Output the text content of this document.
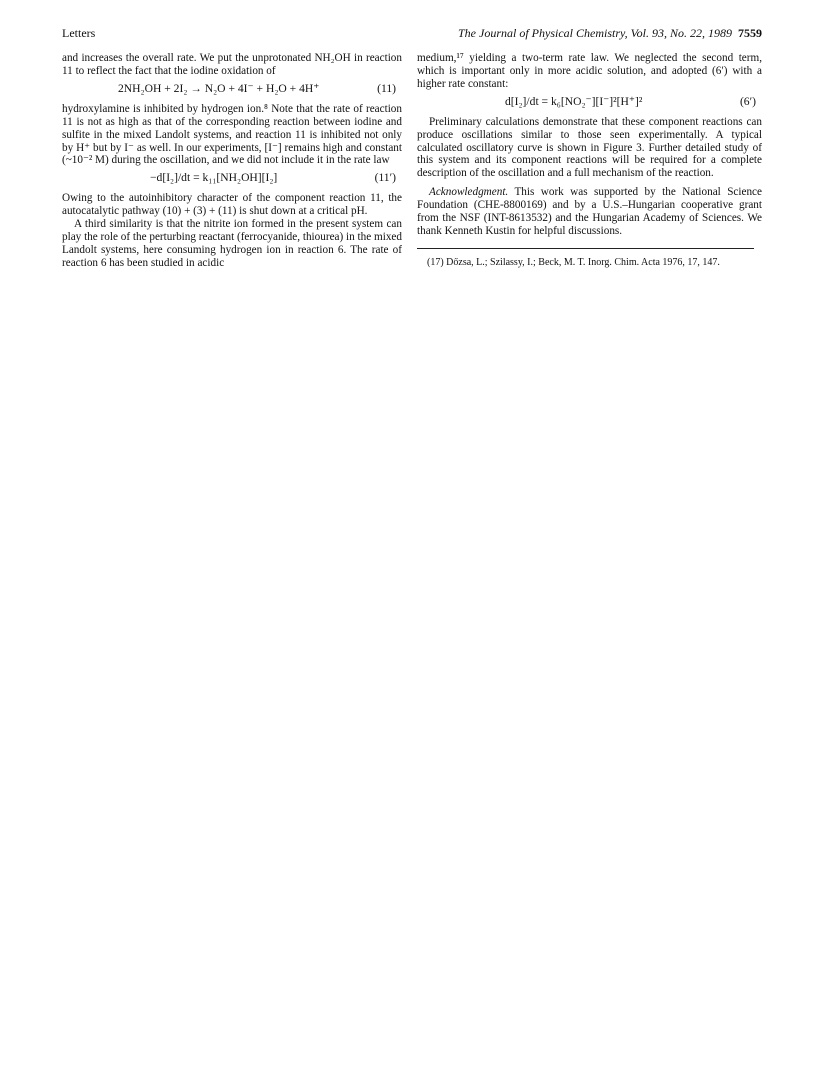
Letters	The Journal of Physical Chemistry, Vol. 93, No. 22, 1989 7559

and increases the overall rate. We put the unprotonated NH₂OH in reaction 11 to reflect the fact that the iodine oxidation of

2NH₂OH + 2I₂ → N₂O + 4I⁻ + H₂O + 4H⁺	(11)

hydroxylamine is inhibited by hydrogen ion.⁸ Note that the rate of reaction 11 is not as high as that of the corresponding reaction between iodine and sulfite in the mixed Landolt systems, and reaction 11 is inhibited not only by H⁺ but by I⁻ as well. In our experiments, [I⁻] remains high and constant (~10⁻² M) during the oscillation, and we did not include it in the rate law

−d[I₂]/dt = k₁₁[NH₂OH][I₂]	(11′)

Owing to the autoinhibitory character of the component reaction 11, the autocatalytic pathway (10) + (3) + (11) is shut down at a critical pH.

A third similarity is that the nitrite ion formed in the present system can play the role of the perturbing reactant (ferrocyanide, thiourea) in the mixed Landolt systems, here consuming hydrogen ion in reaction 6. The rate of reaction 6 has been studied in acidic

medium,¹⁷ yielding a two-term rate law. We neglected the second term, which is important only in more acidic solution, and adopted (6′) with a higher rate constant:

d[I₂]/dt = k₆[NO₂⁻][I⁻]²[H⁺]²	(6′)

Preliminary calculations demonstrate that these component reactions can produce oscillations similar to those seen experimentally. A typical calculated oscillatory curve is shown in Figure 3. Further detailed study of this system and its component reactions will be required for a complete description of the oscillation and a full mechanism of the reaction.

Acknowledgment. This work was supported by the National Science Foundation (CHE-8800169) and by a U.S.–Hungarian cooperative grant from the NSF (INT-8613532) and the Hungarian Academy of Sciences. We thank Kenneth Kustin for helpful discussions.

(17) Dőzsa, L.; Szilassy, I.; Beck, M. T. Inorg. Chim. Acta 1976, 17, 147.
